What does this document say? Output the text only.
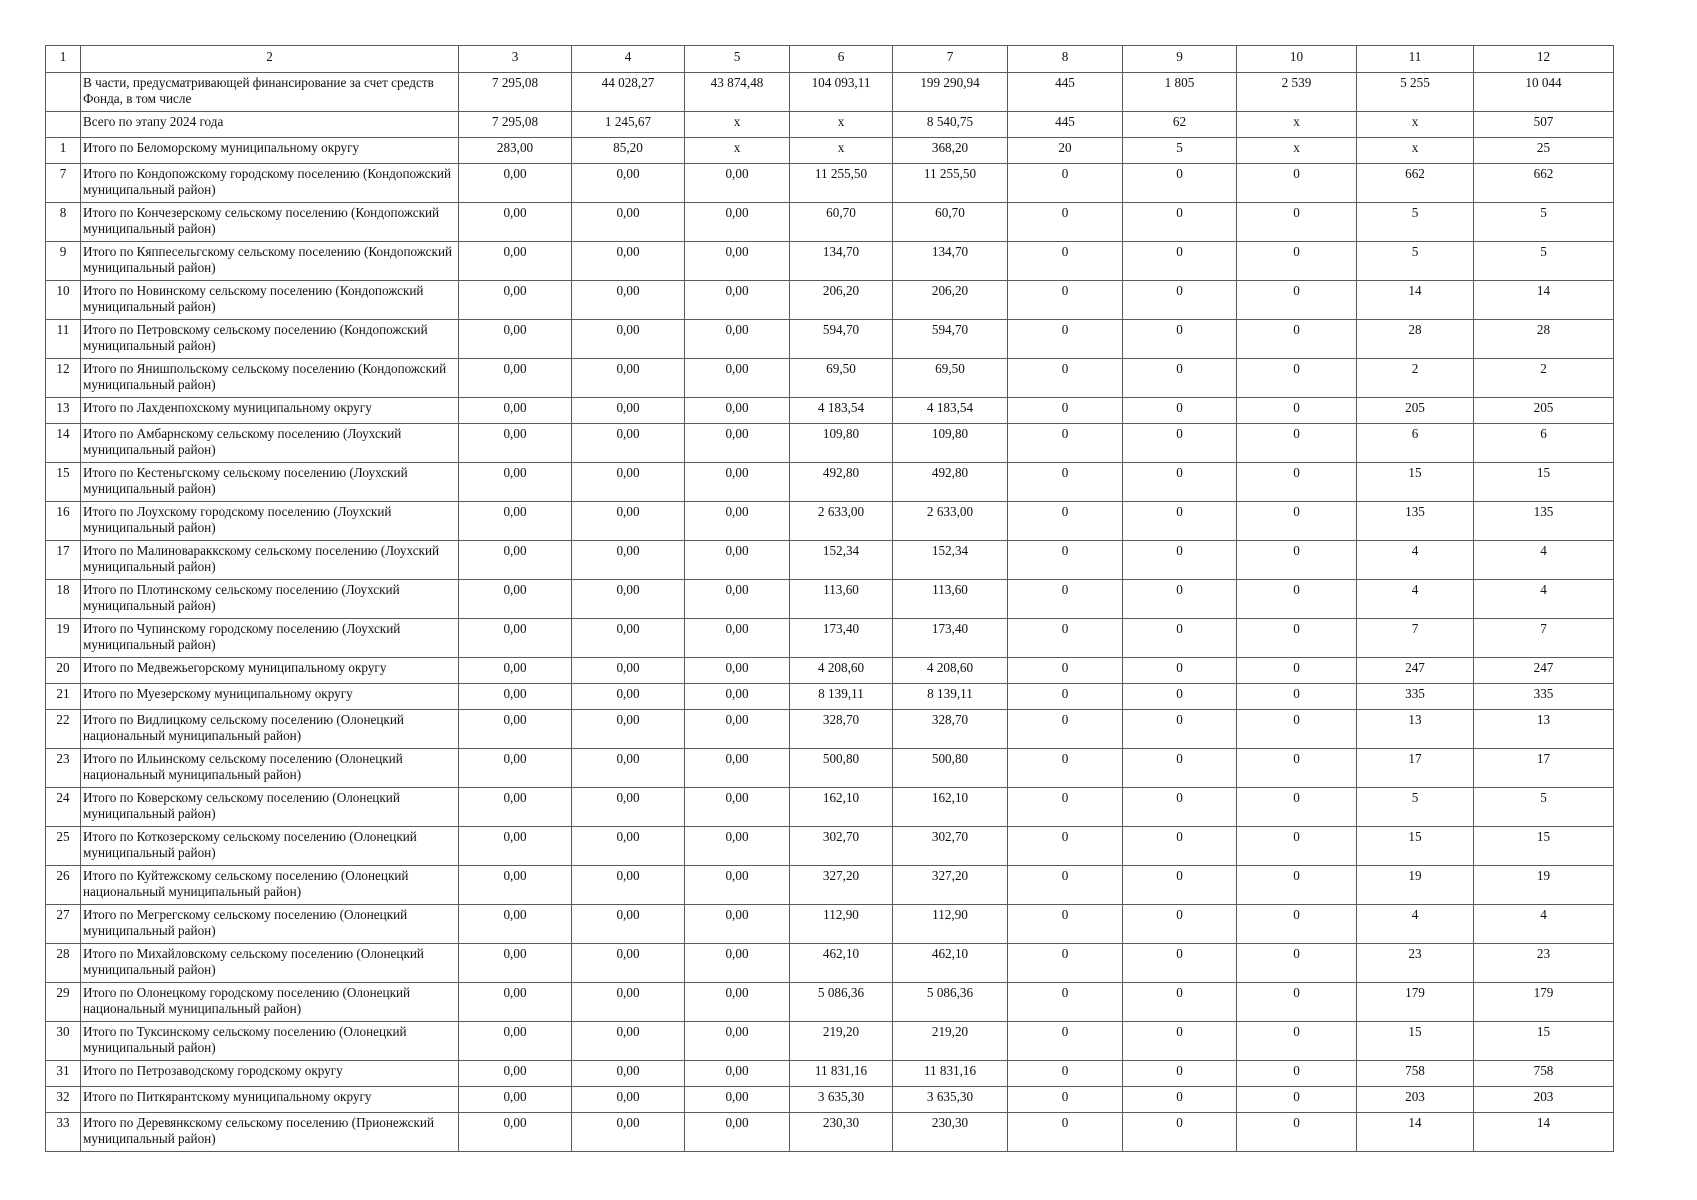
1	2	3	4	5	6	7	8	9	10	11	12
	В части, предусматривающей финансирование за счет средств Фонда, в том числе	7 295,08	44 028,27	43 874,48	104 093,11	199 290,94	445	1 805	2 539	5 255	10 044
	Всего по этапу 2024 года	7 295,08	1 245,67	х	х	8 540,75	445	62	х	х	507
1	Итого по Беломорскому муниципальному округу	283,00	85,20	х	х	368,20	20	5	х	х	25
7	Итого по Кондопожскому городскому поселению (Кондопожский муниципальный район)	0,00	0,00	0,00	11 255,50	11 255,50	0	0	0	662	662
8	Итого по Кончезерскому сельскому поселению (Кондопожский муниципальный район)	0,00	0,00	0,00	60,70	60,70	0	0	0	5	5
9	Итого по Кяппесельгскому сельскому поселению (Кондопожский муниципальный район)	0,00	0,00	0,00	134,70	134,70	0	0	0	5	5
10	Итого по Новинскому сельскому поселению (Кондопожский муниципальный район)	0,00	0,00	0,00	206,20	206,20	0	0	0	14	14
11	Итого по Петровскому сельскому поселению (Кондопожский муниципальный район)	0,00	0,00	0,00	594,70	594,70	0	0	0	28	28
12	Итого по Янишпольскому сельскому поселению (Кондопожский муниципальный район)	0,00	0,00	0,00	69,50	69,50	0	0	0	2	2
13	Итого по Лахденпохскому муниципальному округу	0,00	0,00	0,00	4 183,54	4 183,54	0	0	0	205	205
14	Итого по Амбарнскому сельскому поселению (Лоухский муниципальный район)	0,00	0,00	0,00	109,80	109,80	0	0	0	6	6
15	Итого по Кестеньгскому сельскому поселению (Лоухский муниципальный район)	0,00	0,00	0,00	492,80	492,80	0	0	0	15	15
16	Итого по Лоухскому городскому поселению (Лоухский муниципальный район)	0,00	0,00	0,00	2 633,00	2 633,00	0	0	0	135	135
17	Итого по Малиновараккскому сельскому поселению (Лоухский муниципальный район)	0,00	0,00	0,00	152,34	152,34	0	0	0	4	4
18	Итого по Плотинскому сельскому поселению (Лоухский муниципальный район)	0,00	0,00	0,00	113,60	113,60	0	0	0	4	4
19	Итого по Чупинскому городскому поселению (Лоухский муниципальный район)	0,00	0,00	0,00	173,40	173,40	0	0	0	7	7
20	Итого по Медвежьегорскому муниципальному округу	0,00	0,00	0,00	4 208,60	4 208,60	0	0	0	247	247
21	Итого по Муезерскому муниципальному округу	0,00	0,00	0,00	8 139,11	8 139,11	0	0	0	335	335
22	Итого по Видлицкому сельскому поселению (Олонецкий национальный муниципальный район)	0,00	0,00	0,00	328,70	328,70	0	0	0	13	13
23	Итого по Ильинскому сельскому поселению (Олонецкий национальный муниципальный район)	0,00	0,00	0,00	500,80	500,80	0	0	0	17	17
24	Итого по Коверскому сельскому поселению (Олонецкий муниципальный район)	0,00	0,00	0,00	162,10	162,10	0	0	0	5	5
25	Итого по Коткозерскому сельскому поселению (Олонецкий муниципальный район)	0,00	0,00	0,00	302,70	302,70	0	0	0	15	15
26	Итого по Куйтежскому сельскому поселению (Олонецкий национальный муниципальный район)	0,00	0,00	0,00	327,20	327,20	0	0	0	19	19
27	Итого по Мегрегскому сельскому поселению (Олонецкий муниципальный район)	0,00	0,00	0,00	112,90	112,90	0	0	0	4	4
28	Итого по Михайловскому сельскому поселению (Олонецкий муниципальный район)	0,00	0,00	0,00	462,10	462,10	0	0	0	23	23
29	Итого по Олонецкому городскому поселению (Олонецкий национальный муниципальный район)	0,00	0,00	0,00	5 086,36	5 086,36	0	0	0	179	179
30	Итого по Туксинскому сельскому поселению (Олонецкий муниципальный район)	0,00	0,00	0,00	219,20	219,20	0	0	0	15	15
31	Итого по Петрозаводскому городскому округу	0,00	0,00	0,00	11 831,16	11 831,16	0	0	0	758	758
32	Итого по Питкярантскому муниципальному округу	0,00	0,00	0,00	3 635,30	3 635,30	0	0	0	203	203
33	Итого по Деревянкскому сельскому поселению (Прионежский муниципальный район)	0,00	0,00	0,00	230,30	230,30	0	0	0	14	14
